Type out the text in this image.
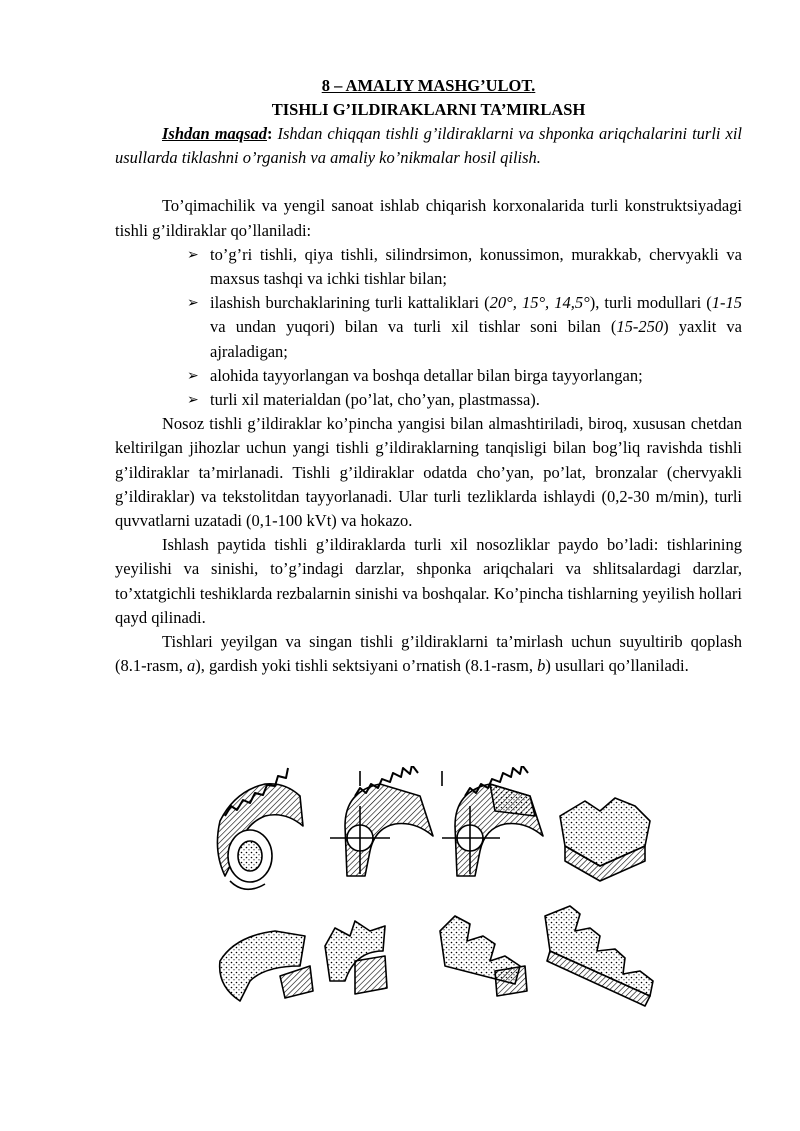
8 – AMALIY MASHG’ULOT.

TISHLI G’ILDIRAKLARNI TA’MIRLASH

Ishdan maqsad: Ishdan chiqqan tishli g’ildiraklarni va shponka ariqchalarini turli xil usullarda tiklashni o’rganish va amaliy ko’nikmalar hosil qilish.

To’qimachilik va yengil sanoat ishlab chiqarish korxonalarida turli konstruktsiyadagi tishli g’ildiraklar qo’llaniladi:

➢ to’g’ri tishli, qiya tishli, silindrsimon, konussimon, murakkab, chervyakli va maxsus tashqi va ichki tishlar bilan;
➢ ilashish burchaklarining turli kattaliklari (20°, 15°, 14,5°), turli modullari (1-15 va undan yuqori) bilan va turli xil tishlar soni bilan (15-250) yaxlit va ajraladigan;
➢ alohida tayyorlangan va boshqa detallar bilan birga tayyorlangan;
➢ turli xil materialdan (po’lat, cho’yan, plastmassa).

Nosoz tishli g’ildiraklar ko’pincha yangisi bilan almashtiriladi, biroq, xususan chetdan keltirilgan jihozlar uchun yangi tishli g’ildiraklarning tanqisligi bilan bog’liq ravishda tishli g’ildiraklar ta’mirlanadi. Tishli g’ildiraklar odatda cho’yan, po’lat, bronzalar (chervyakli g’ildiraklar) va tekstolitdan tayyorlanadi. Ular turli tezliklarda ishlaydi (0,2-30 m/min), turli quvvatlarni uzatadi (0,1-100 kVt) va hokazo.

Ishlash paytida tishli g’ildiraklarda turli xil nosozliklar paydo bo’ladi: tishlarining yeyilishi va sinishi, to’g’indagi darzlar, shponka ariqchalari va shlitsalardagi darzlar, to’xtatgichli teshiklarda rezbalarnin sinishi va boshqalar. Ko’pincha tishlarning yeyilish hollari qayd qilinadi.

Tishlari yeyilgan va singan tishli g’ildiraklarni ta’mirlash uchun suyultirib qoplash (8.1-rasm, a), gardish yoki tishli sektsiyani o’rnatish (8.1-rasm, b) usullari qo’llaniladi.
